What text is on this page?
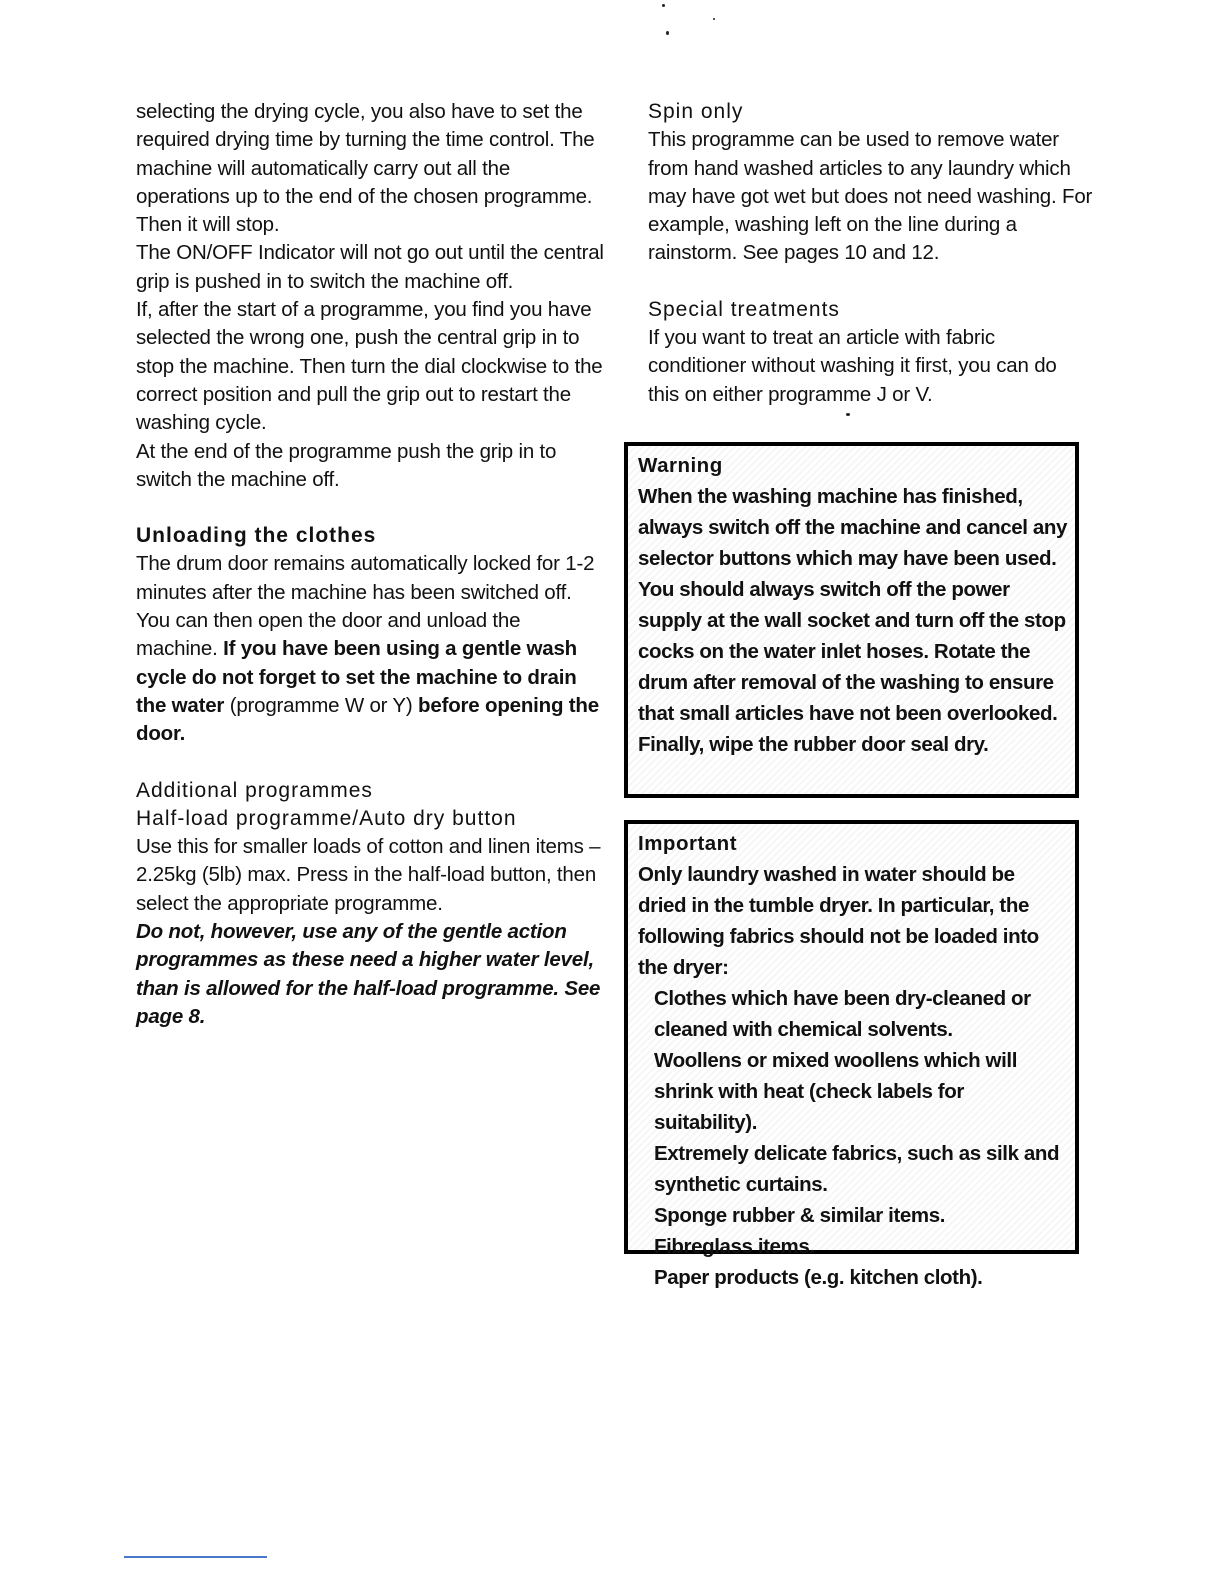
selecting the drying cycle, you also have to set the required drying time by turning the time control. The machine will automatically carry out all the operations up to the end of the chosen programme. Then it will stop.

The ON/OFF Indicator will not go out until the central grip is pushed in to switch the machine off.

If, after the start of a programme, you find you have selected the wrong one, push the central grip in to stop the machine. Then turn the dial clockwise to the correct position and pull the grip out to restart the washing cycle.

At the end of the programme push the grip in to switch the machine off.

Unloading the clothes

The drum door remains automatically locked for 1-2 minutes after the machine has been switched off. You can then open the door and unload the machine. If you have been using a gentle wash cycle do not forget to set the machine to drain the water (programme W or Y) before opening the door.

Additional programmes
Half-load programme/Auto dry button

Use this for smaller loads of cotton and linen items – 2.25kg (5lb) max. Press in the half-load button, then select the appropriate programme.

Do not, however, use any of the gentle action programmes as these need a higher water level, than is allowed for the half-load programme. See page 8.

Spin only

This programme can be used to remove water from hand washed articles to any laundry which may have got wet but does not need washing. For example, washing left on the line during a rainstorm. See pages 10 and 12.

Special treatments

If you want to treat an article with fabric conditioner without washing it first, you can do this on either programme J or V.

Warning

When the washing machine has finished, always switch off the machine and cancel any selector buttons which may have been used. You should always switch off the power supply at the wall socket and turn off the stop cocks on the water inlet hoses. Rotate the drum after removal of the washing to ensure that small articles have not been overlooked. Finally, wipe the rubber door seal dry.

Important

Only laundry washed in water should be dried in the tumble dryer. In particular, the following fabrics should not be loaded into the dryer:

Clothes which have been dry-cleaned or cleaned with chemical solvents.
Woollens or mixed woollens which will shrink with heat (check labels for suitability).
Extremely delicate fabrics, such as silk and synthetic curtains.
Sponge rubber & similar items.
Fibreglass items.
Paper products (e.g. kitchen cloth).
